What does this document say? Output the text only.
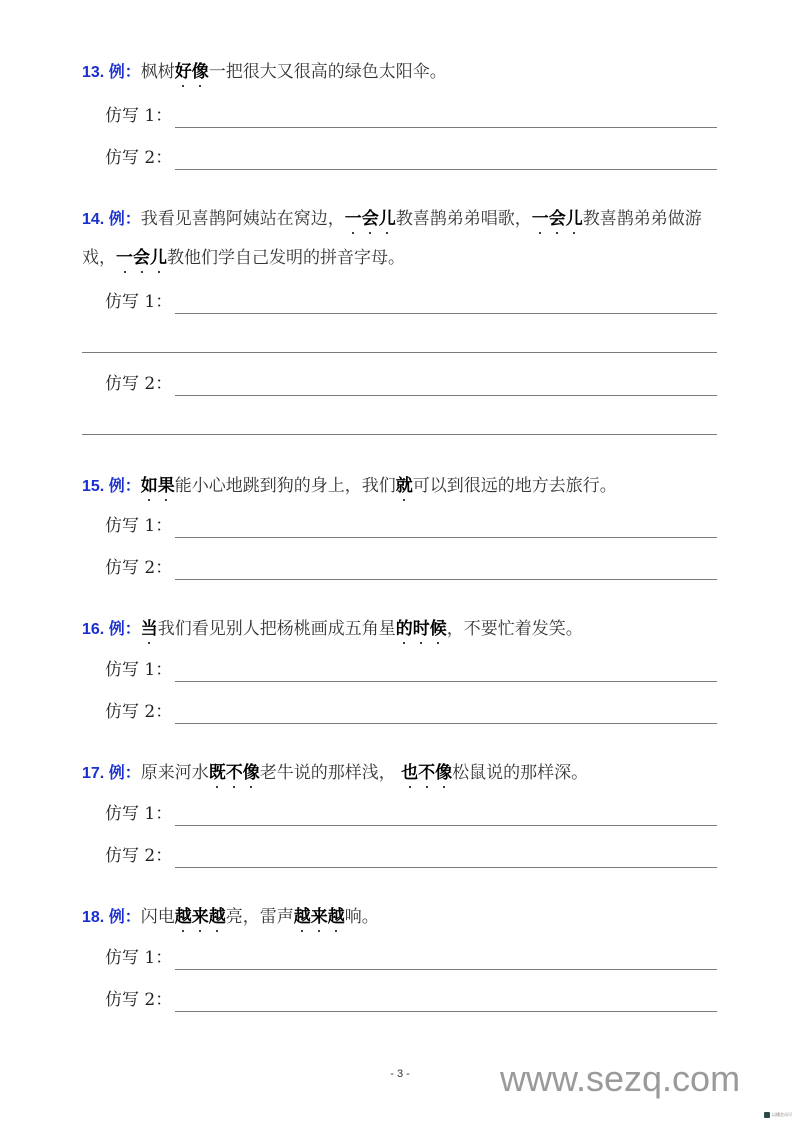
· · · · ·
13. 例：枫树好像一把很大又很高的绿色太阳伞。
仿写 1：
仿写 2：
14. 例：我看见喜鹊阿姨站在窝边，一会儿教喜鹊弟弟唱歌，一会儿教喜鹊弟弟做游戏，一会儿教他们学自己发明的拼音字母。
仿写 1：
仿写 2：
15. 例：如果能小心地跳到狗的身上，我们就可以到很远的地方去旅行。
仿写 1：
仿写 2：
16. 例：当我们看见别人把杨桃画成五角星的时候，不要忙着发笑。
仿写 1：
仿写 2：
17. 例：原来河水既不像老牛说的那样浅， 也不像松鼠说的那样深。
仿写 1：
仿写 2：
18. 例：闪电越来越亮，雷声越来越响。
仿写 1：
仿写 2：
- 3 -	www.sezq.com
以懂会员可
